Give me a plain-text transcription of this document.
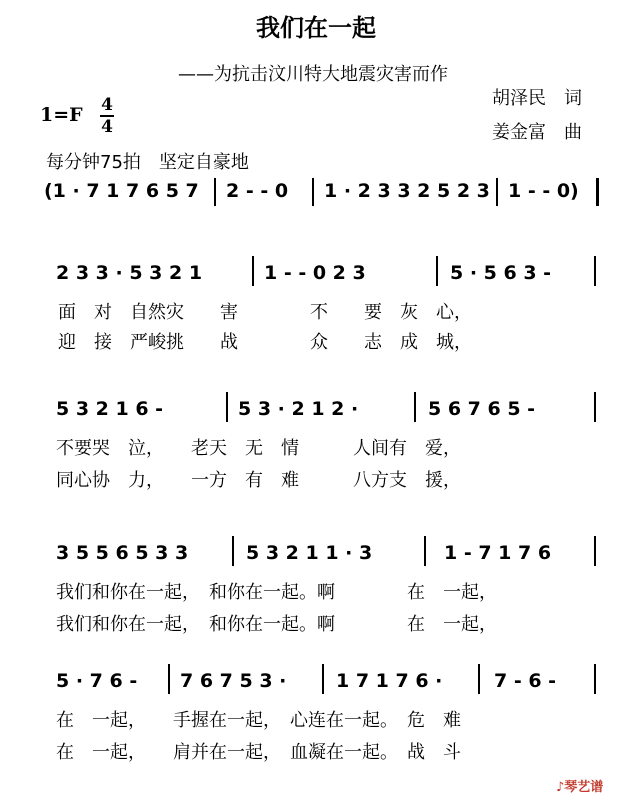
我们在一起
——为抗击汶川特大地震灾害而作
胡泽民　词
姜金富　曲
1=F 4
4
每分钟75拍　坚定自豪地
(1 · 7 1 7 6 5 7 2 - - 0 1 · 2 3 3 2 5 2 3 1 - - 0)
2 3 3 · 5 3 2 1	1 - - 0 2 3	5 · 5 6 3 -
面　对　自然灾　　害　　　　不　　要　灰　心，
迎　接　严峻挑　　战　　　　众　　志　成　城，
5 3 2 1 6 -	5 3 · 2 1 2 ·	5 6 7 6 5 -
不要哭　泣，　　老天　无　情　　　人间有　爱，
同心协　力，　　一方　有　难　　　八方支　援，
3 5 5 6 5 3 3	5 3 2 1 1 · 3	1 - 7 1 7 6
我们和你在一起，　和你在一起。啊　　　　在　一起，
我们和你在一起，　和你在一起。啊　　　　在　一起，
5 · 7 6 - 7 6 7 5 3 ·	1 7 1 7 6 ·	7 - 6 -
在　一起，　　手握在一起，　心连在一起。　危　难
在　一起，　　肩并在一起，　血凝在一起。　战　斗
♪琴艺谱
